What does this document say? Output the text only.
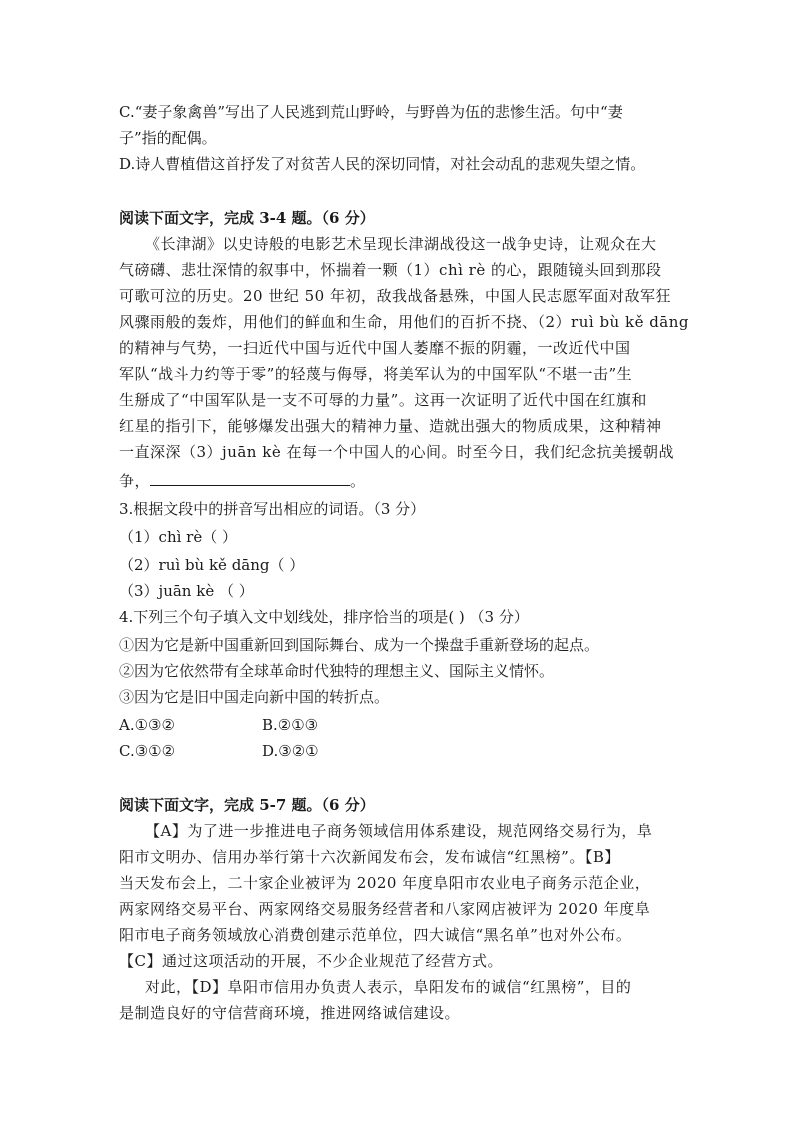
C.“妻子象禽兽”写出了人民逃到荒山野岭，与野兽为伍的悲惨生活。句中“妻
子”指的配偶。
D.诗人曹植借这首抒发了对贫苦人民的深切同情，对社会动乱的悲观失望之情。
阅读下面文字，完成 3-4 题。（6 分）
《长津湖》以史诗般的电影艺术呈现长津湖战役这一战争史诗，让观众在大
气磅礴、悲壮深情的叙事中，怀揣着一颗（1）chì rè 的心，跟随镜头回到那段
可歌可泣的历史。20 世纪 50 年初，敌我战备悬殊，中国人民志愿军面对敌军狂
风骤雨般的轰炸，用他们的鲜血和生命，用他们的百折不挠、（2）ruì bù kě dāng
的精神与气势，一扫近代中国与近代中国人萎靡不振的阴霾，一改近代中国
军队“战斗力约等于零”的轻蔑与侮辱，将美军认为的中国军队“不堪一击”生
生掰成了“中国军队是一支不可辱的力量”。这再一次证明了近代中国在红旗和
红星的指引下，能够爆发出强大的精神力量、造就出强大的物质成果，这种精神
一直深深（3）juān kè 在每一个中国人的心间。时至今日，我们纪念抗美援朝战
争，	。
3.根据文段中的拼音写出相应的词语。（3 分）
（1）chì rè（ ）
（2）ruì bù kě dāng（ ）
（3）juān kè （ ）
4.下列三个句子填入文中划线处，排序恰当的项是( ) （3 分）
①因为它是新中国重新回到国际舞台、成为一个操盘手重新登场的起点。
②因为它依然带有全球革命时代独特的理想主义、国际主义情怀。
③因为它是旧中国走向新中国的转折点。
A.①③②	B.②①③
C.③①②	D.③②①
阅读下面文字，完成 5-7 题。（6 分）
【A】为了进一步推进电子商务领域信用体系建设，规范网络交易行为，阜
阳市文明办、信用办举行第十六次新闻发布会，发布诚信“红黑榜”。【B】
当天发布会上，二十家企业被评为 2020 年度阜阳市农业电子商务示范企业，
两家网络交易平台、两家网络交易服务经营者和八家网店被评为 2020 年度阜
阳市电子商务领域放心消费创建示范单位，四大诚信“黑名单”也对外公布。
【C】通过这项活动的开展，不少企业规范了经营方式。
对此，【D】阜阳市信用办负责人表示，阜阳发布的诚信“红黑榜”，目的
是制造良好的守信营商环境，推进网络诚信建设。
